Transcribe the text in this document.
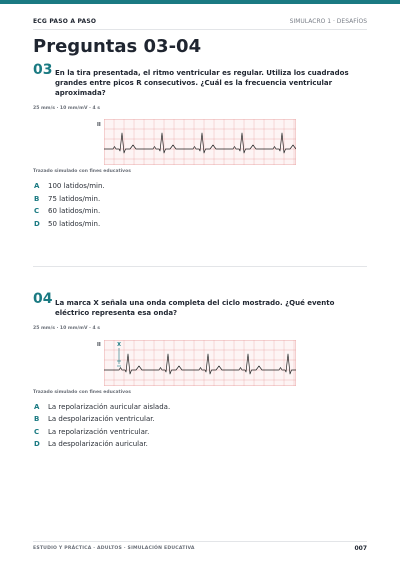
ECG PASO A PASO	SIMULACRO 1 · DESAFÍOS
Preguntas 03-04
03 En la tira presentada, el ritmo ventricular es regular. Utiliza los cuadrados grandes entre picos R consecutivos. ¿Cuál es la frecuencia ventricular aproximada?
25 mm/s · 10 mm/mV · 4 s
II
Trazado simulado con fines educativos
A	100 latidos/min.
B	75 latidos/min.
C	60 latidos/min.
D	50 latidos/min.
04 La marca X señala una onda completa del ciclo mostrado. ¿Qué evento eléctrico representa esa onda?
25 mm/s · 10 mm/mV · 4 s
II	X
Trazado simulado con fines educativos
A	La repolarización auricular aislada.
B	La despolarización ventricular.
C	La repolarización ventricular.
D	La despolarización auricular.
ESTUDIO Y PRÁCTICA · ADULTOS · SIMULACIÓN EDUCATIVA	007
